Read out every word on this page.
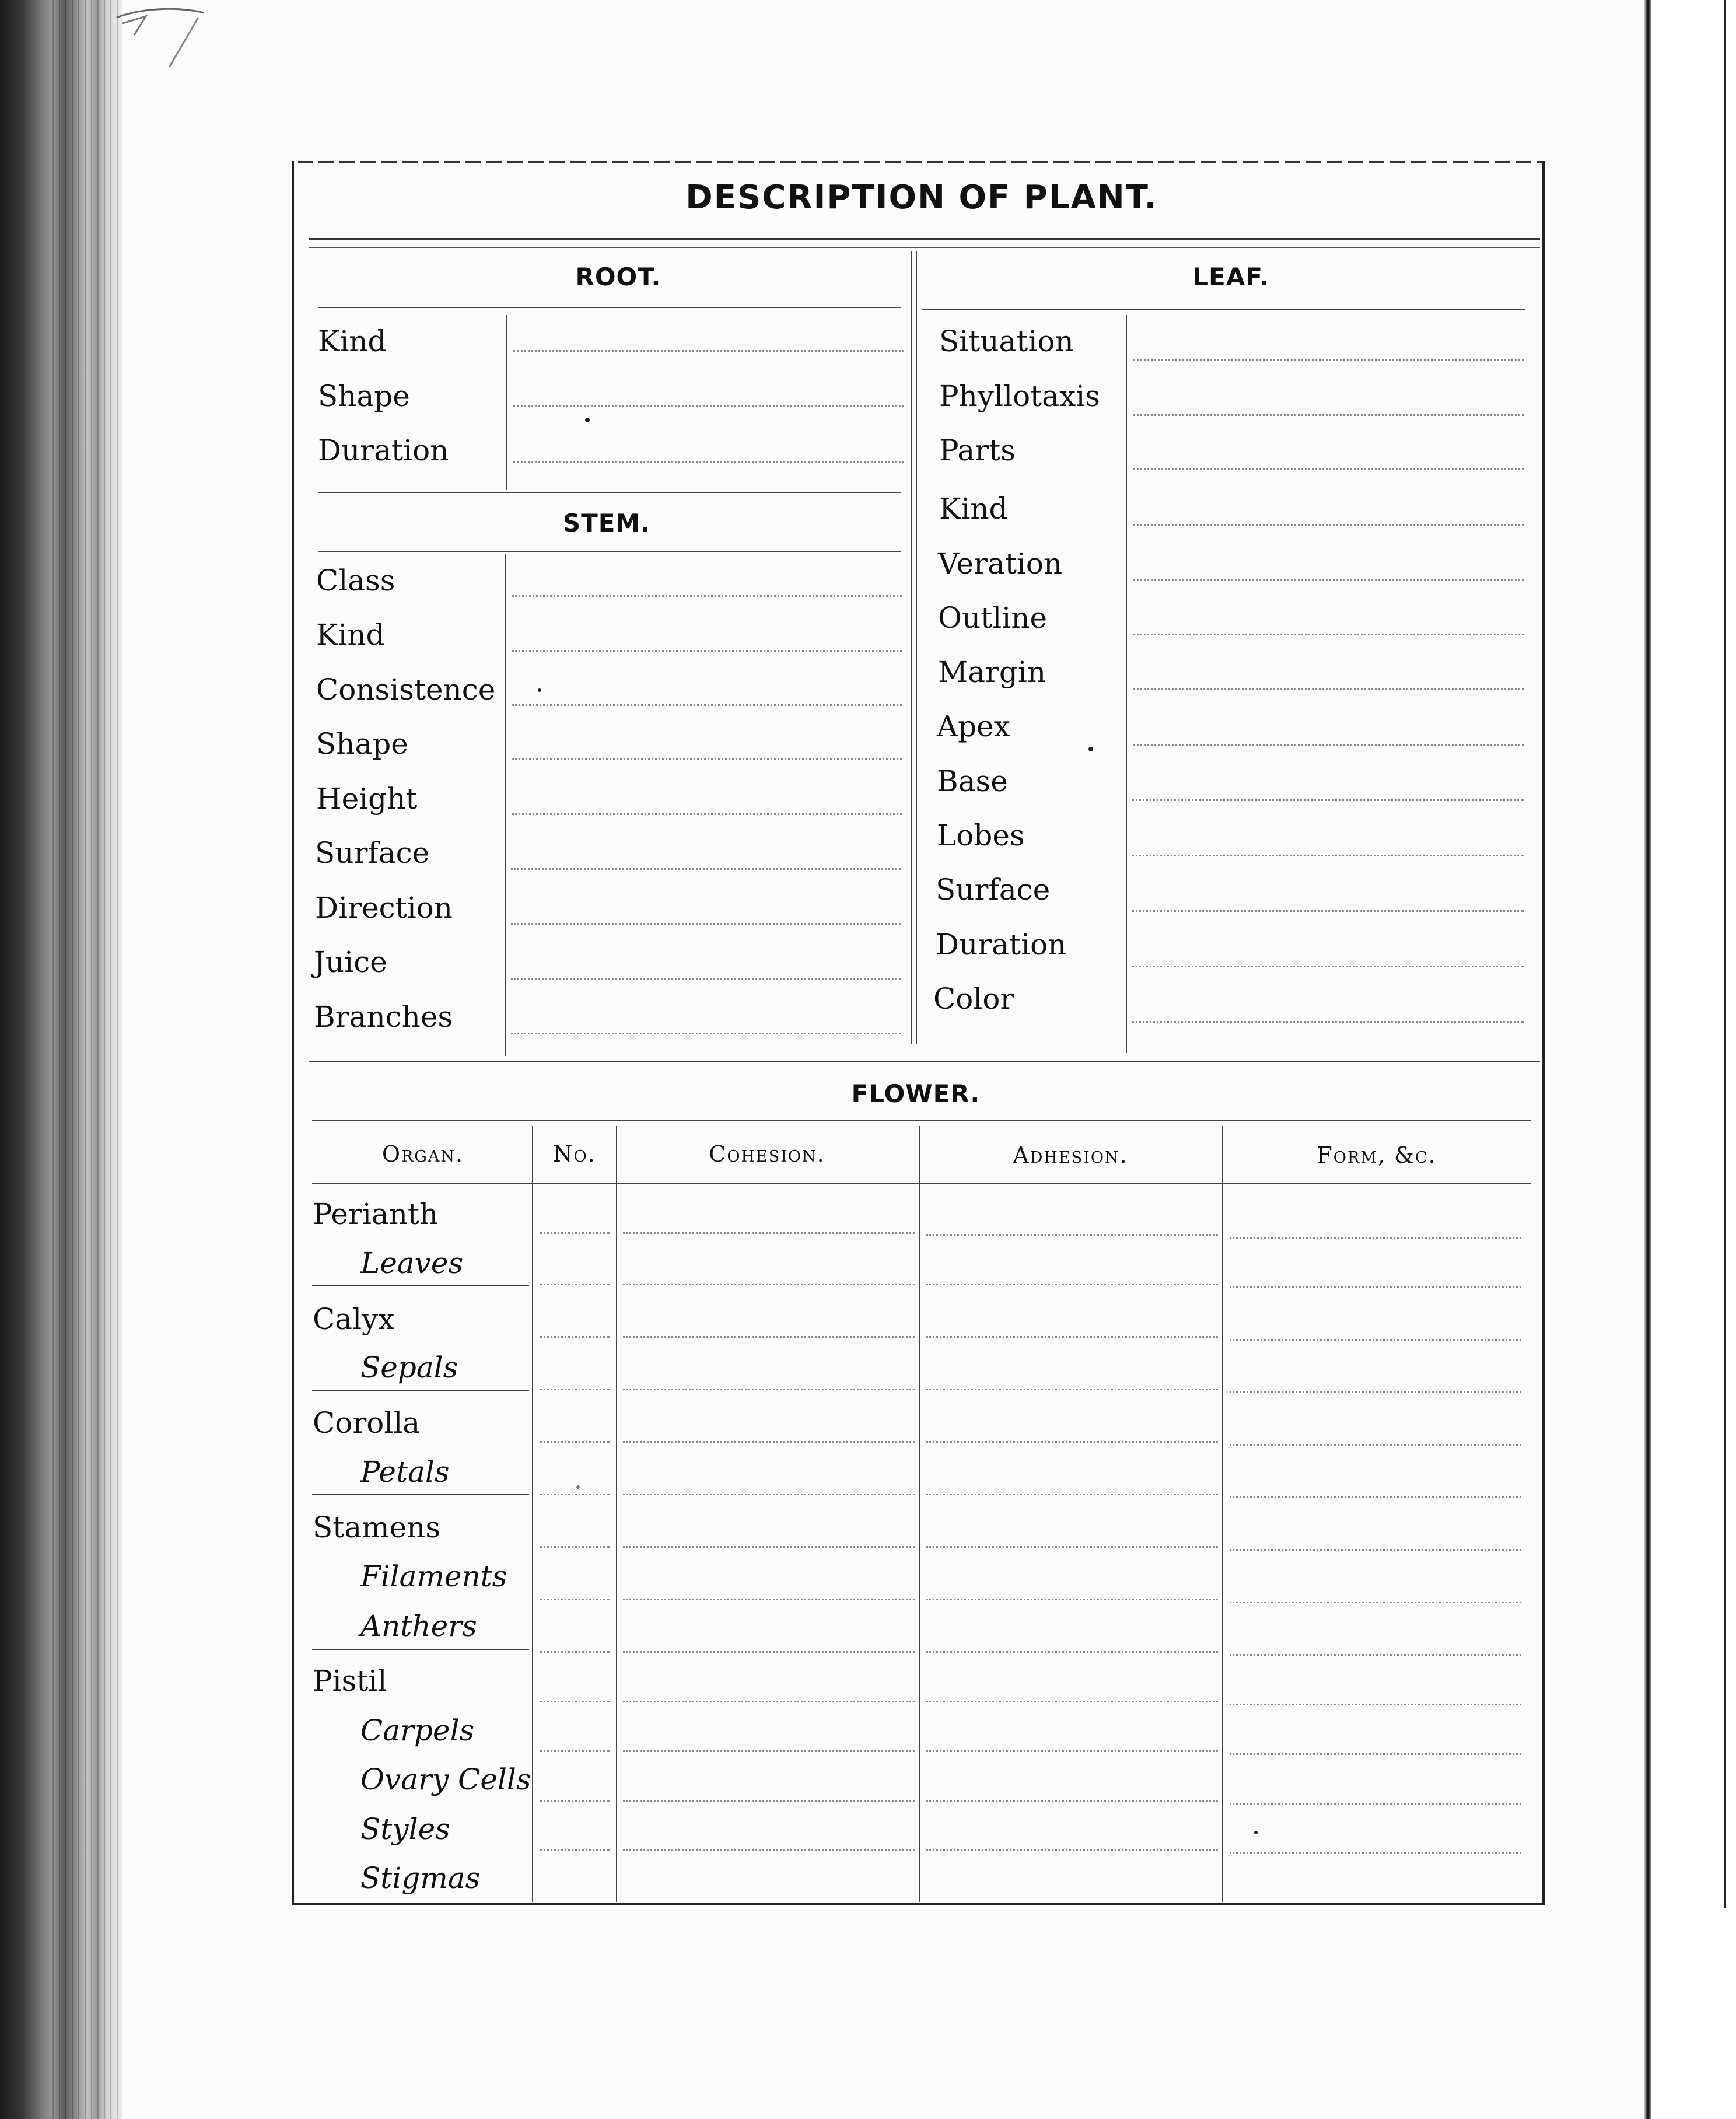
DESCRIPTION OF PLANT.
ROOT.
Kind
Shape
Duration
STEM.
Class
Kind
Consistence
Shape
Height
Surface
Direction
Juice
Branches
LEAF.
Situation
Phyllotaxis
Parts
Kind
Veration
Outline
Margin
Apex
Base
Lobes
Surface
Duration
Color
FLOWER.
Organ.	No.	Cohesion.	Adhesion.	Form, &c.
Perianth
Leaves
Calyx
Sepals
Corolla
Petals
Stamens
Filaments
Anthers
Pistil
Carpels
Ovary Cells
Styles
Stigmas
